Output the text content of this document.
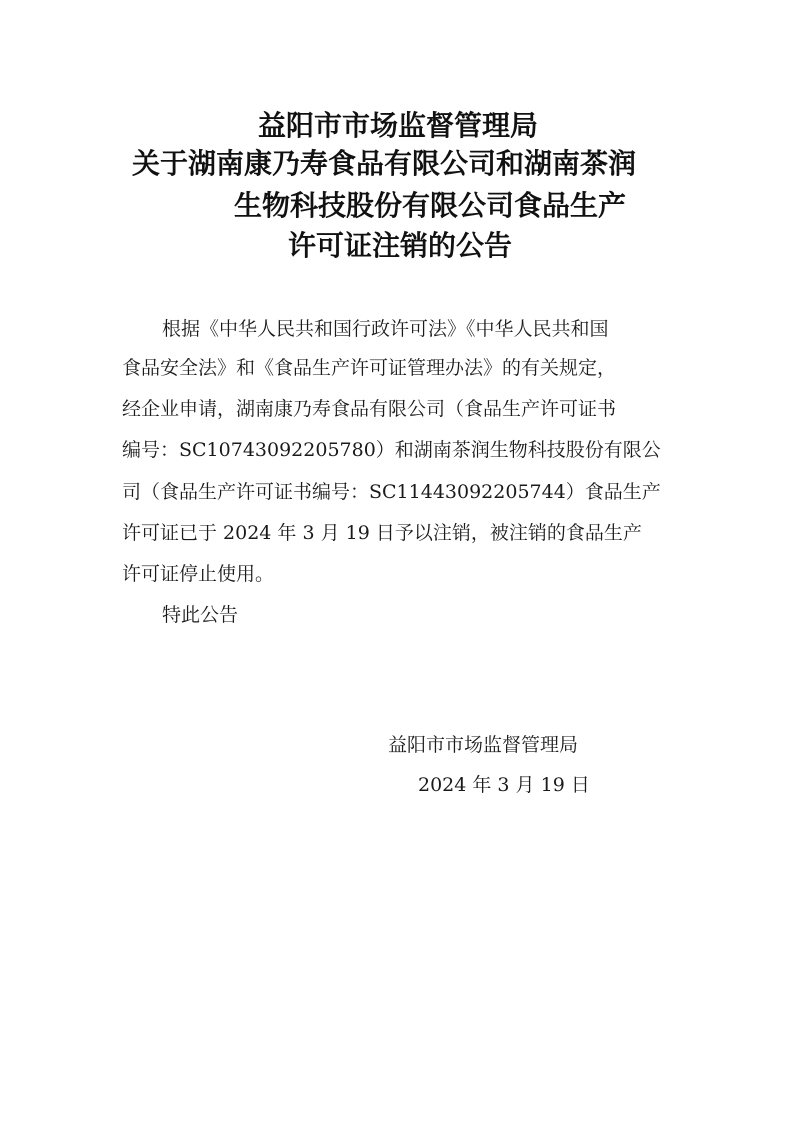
益阳市市场监督管理局
关于湖南康乃寿食品有限公司和湖南茶润
生物科技股份有限公司食品生产
许可证注销的公告
根据《中华人民共和国行政许可法》《中华人民共和国
食品安全法》和《食品生产许可证管理办法》的有关规定，
经企业申请，湖南康乃寿食品有限公司（食品生产许可证书
编号：SC10743092205780）和湖南茶润生物科技股份有限公
司（食品生产许可证书编号：SC11443092205744）食品生产
许可证已于 2024 年 3 月 19 日予以注销，被注销的食品生产
许可证停止使用。
特此公告
益阳市市场监督管理局
2024 年 3 月 19 日
